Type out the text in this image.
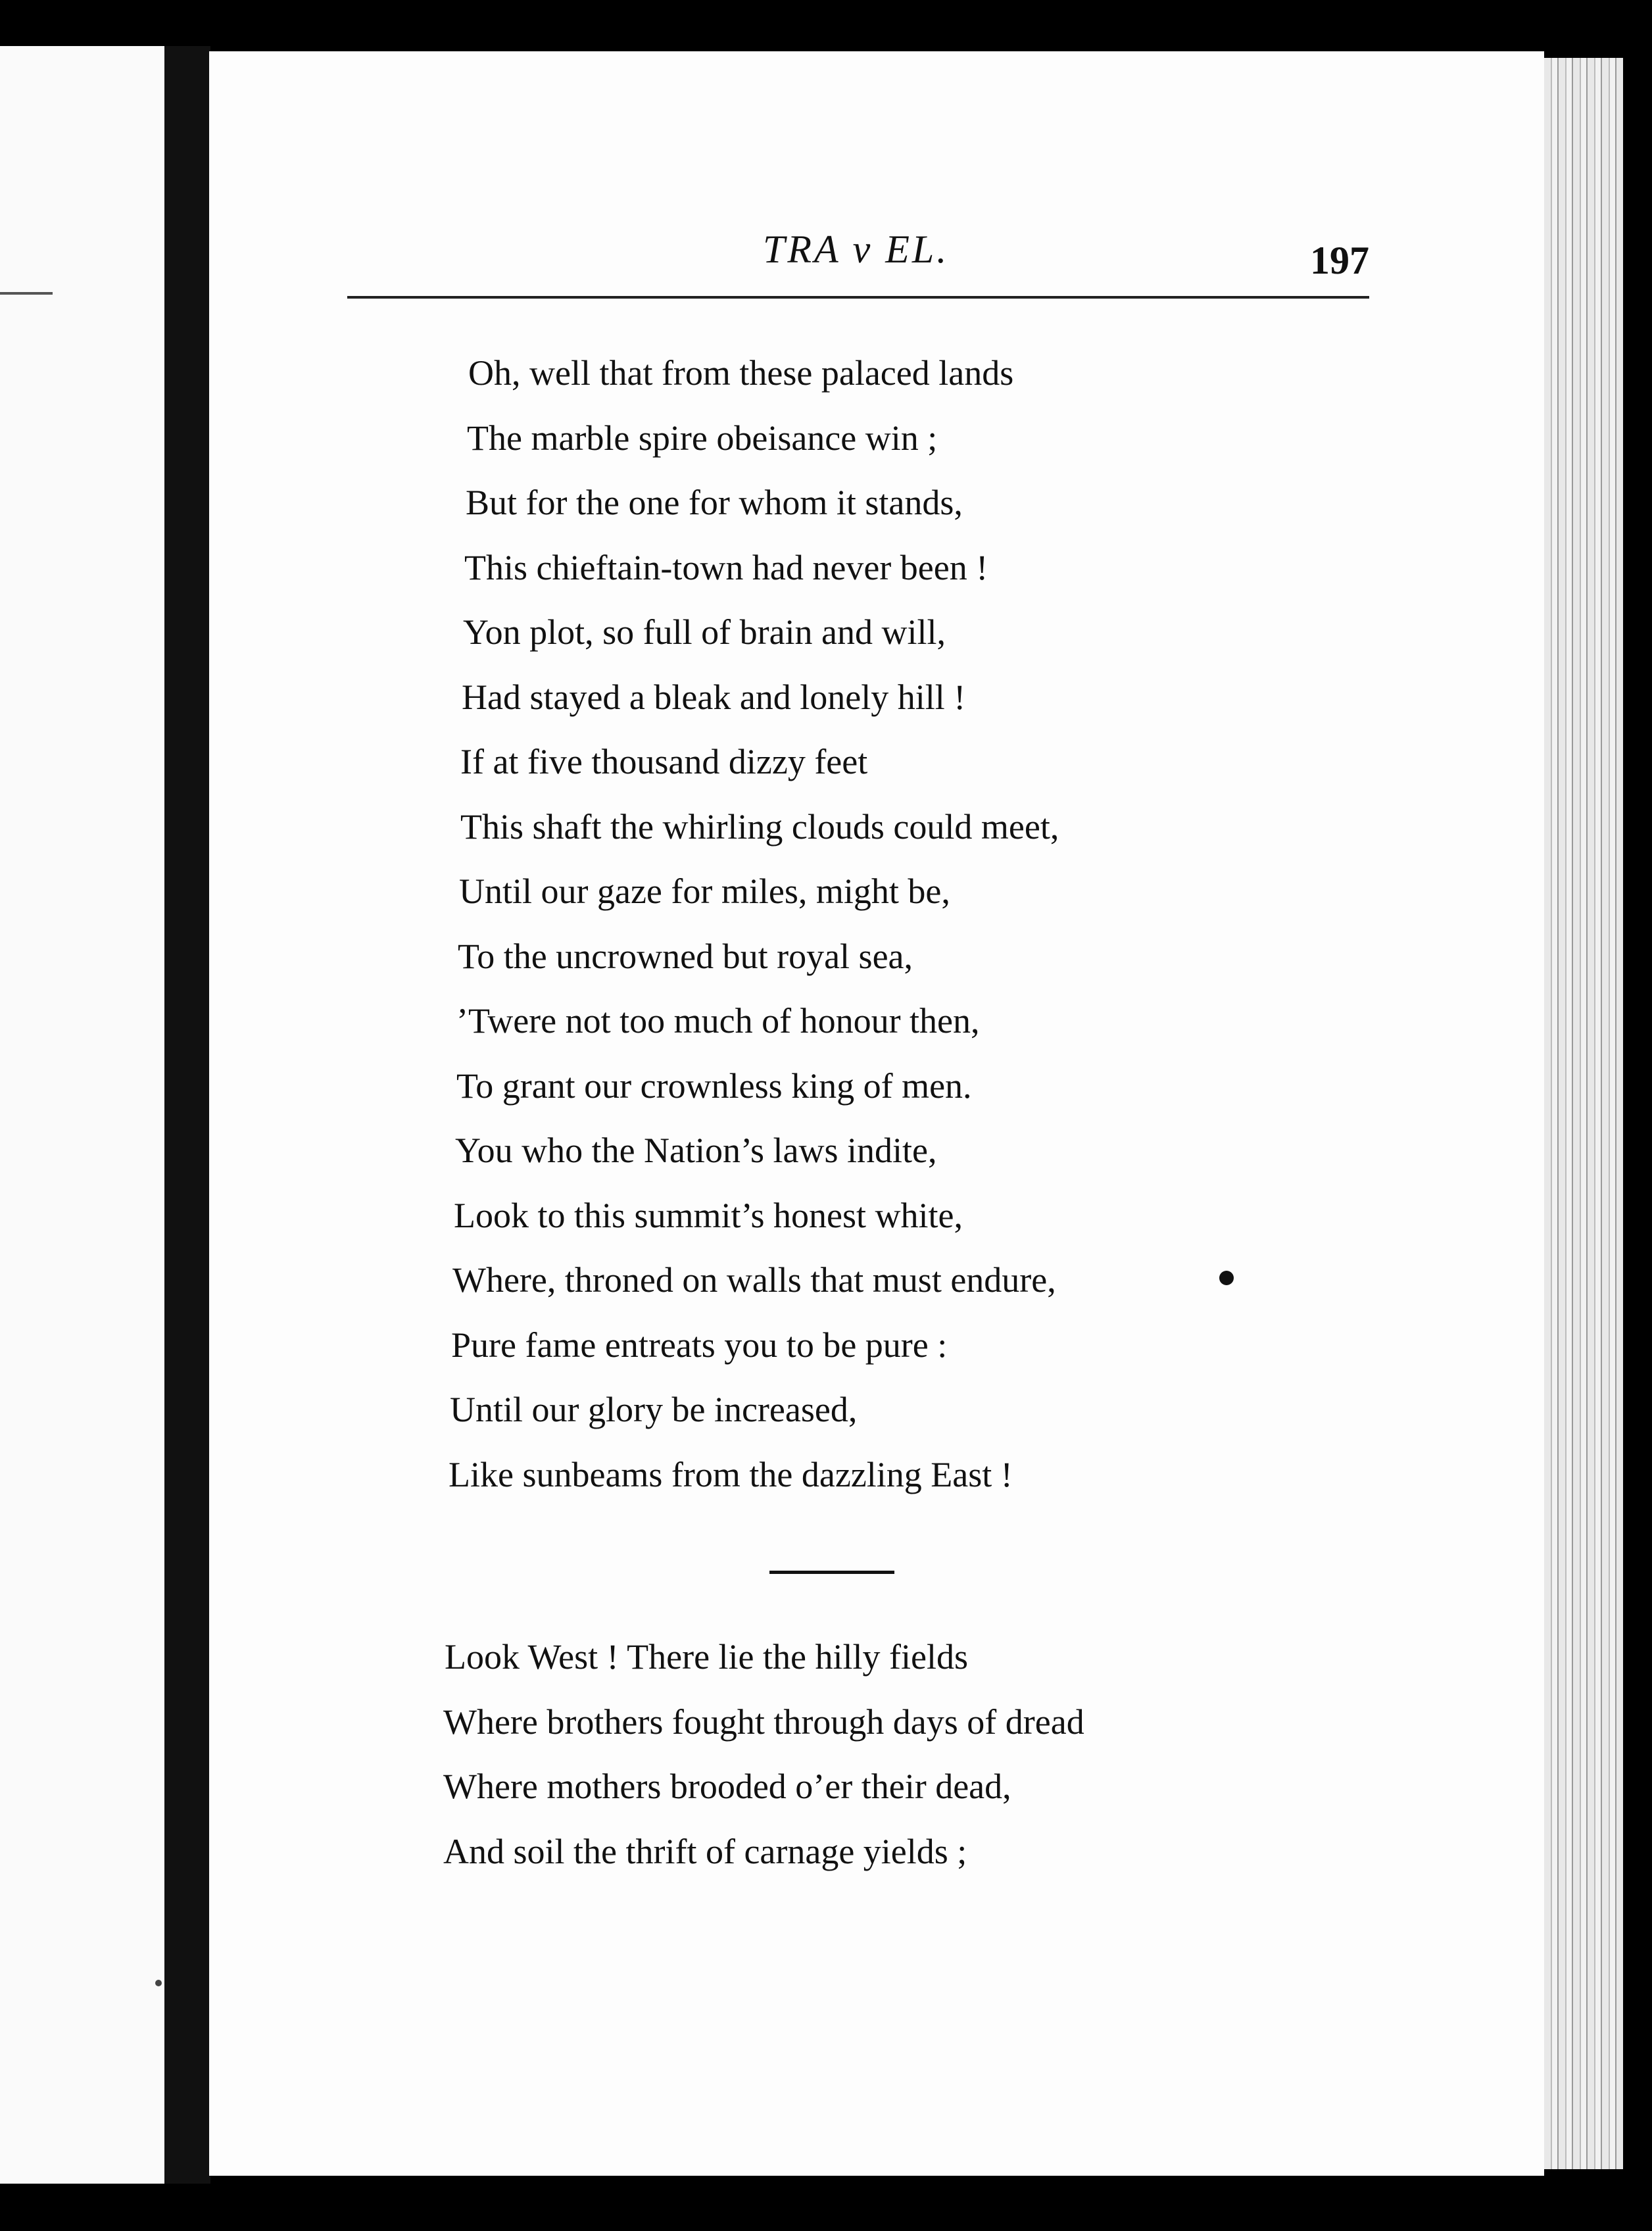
TRA v EL.	197
Oh, well that from these palaced lands
The marble spire obeisance win ;
But for the one for whom it stands,
This chieftain-town had never been !
Yon plot, so full of brain and will,
Had stayed a bleak and lonely hill !
If at five thousand dizzy feet
This shaft the whirling clouds could meet,
Until our gaze for miles, might be,
To the uncrowned but royal sea,
’Twere not too much of honour then,
To grant our crownless king of men.
You who the Nation’s laws indite,
Look to this summit’s honest white,
Where, throned on walls that must endure,
Pure fame entreats you to be pure :
Until our glory be increased,
Like sunbeams from the dazzling East !
Look West ! There lie the hilly fields
Where brothers fought through days of dread
Where mothers brooded o’er their dead,
And soil the thrift of carnage yields ;
